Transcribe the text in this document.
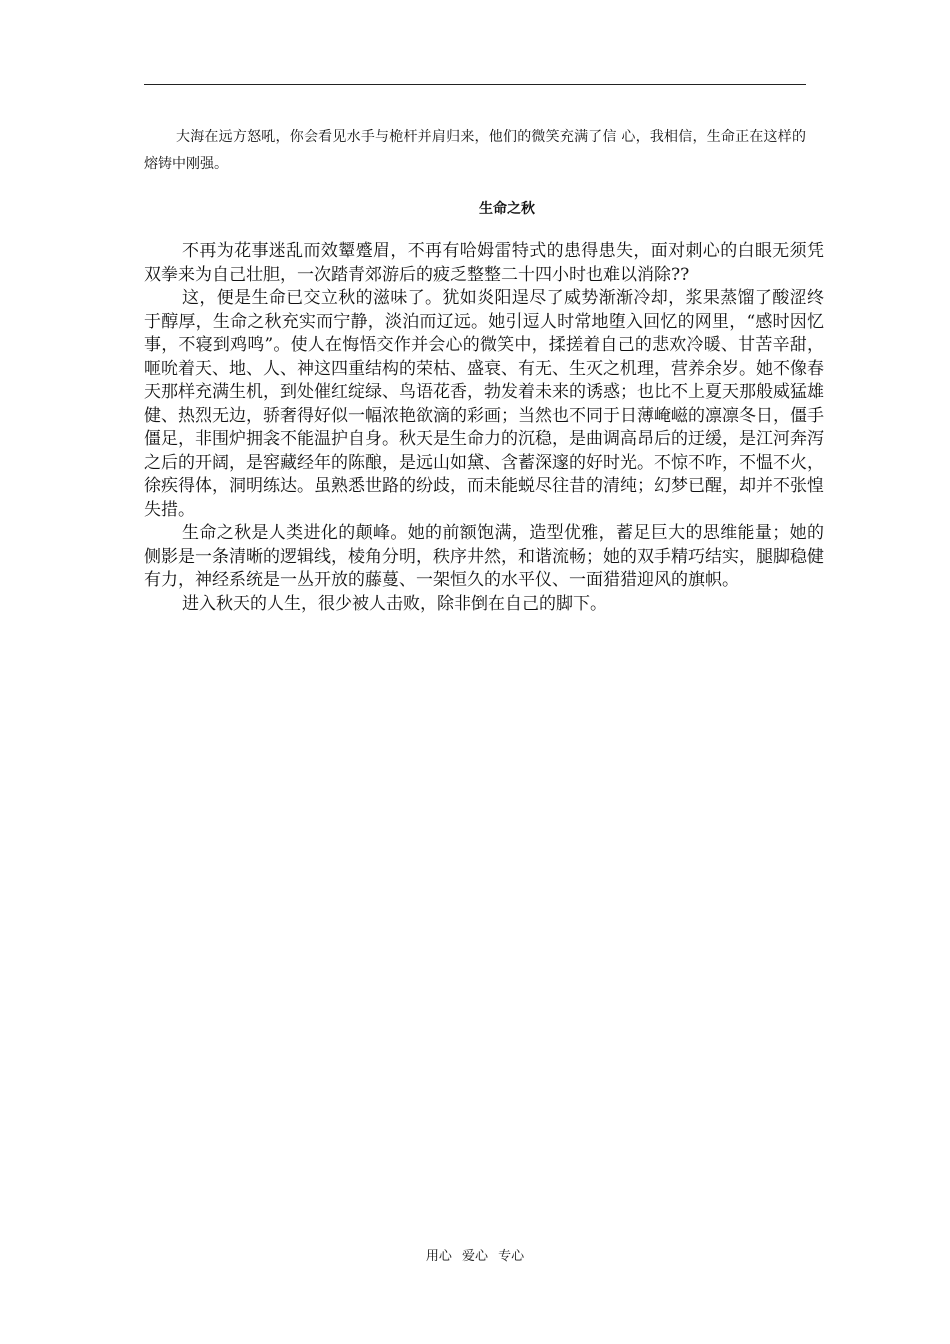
大海在远方怒吼，你会看见水手与桅杆并肩归来，他们的微笑充满了信 心，我相信，生命正在这样的熔铸中刚强。

生命之秋

不再为花事迷乱而效颦蹙眉，不再有哈姆雷特式的患得患失，面对刺心的白眼无须凭双拳来为自己壮胆，一次踏青郊游后的疲乏整整二十四小时也难以消除??

这，便是生命已交立秋的滋味了。犹如炎阳逞尽了威势渐渐冷却，浆果蒸馏了酸涩终于醇厚，生命之秋充实而宁静，淡泊而辽远。她引逗人时常地堕入回忆的网里，“感时因忆事，不寝到鸡鸣”。使人在悔悟交作并会心的微笑中，揉搓着自己的悲欢冷暖、甘苦辛甜，咂吮着天、地、人、神这四重结构的荣枯、盛衰、有无、生灭之机理，营养余岁。她不像春天那样充满生机，到处催红绽绿、鸟语花香，勃发着未来的诱惑；也比不上夏天那般威猛雄健、热烈无边，骄奢得好似一幅浓艳欲滴的彩画；当然也不同于日薄崦嵫的凛凛冬日，僵手僵足，非围炉拥衾不能温护自身。秋天是生命力的沉稳，是曲调高昂后的迂缓，是江河奔泻之后的开阔，是窖藏经年的陈酿，是远山如黛、含蓄深邃的好时光。不惊不咋，不愠不火，徐疾得体，洞明练达。虽熟悉世路的纷歧，而未能蜕尽往昔的清纯；幻梦已醒，却并不张惶失措。

生命之秋是人类进化的颠峰。她的前额饱满，造型优雅，蓄足巨大的思维能量；她的侧影是一条清晰的逻辑线，棱角分明，秩序井然，和谐流畅；她的双手精巧结实，腿脚稳健有力，神经系统是一丛开放的藤蔓、一架恒久的水平仪、一面猎猎迎风的旗帜。

进入秋天的人生，很少被人击败，除非倒在自己的脚下。

用心 爱心 专心
